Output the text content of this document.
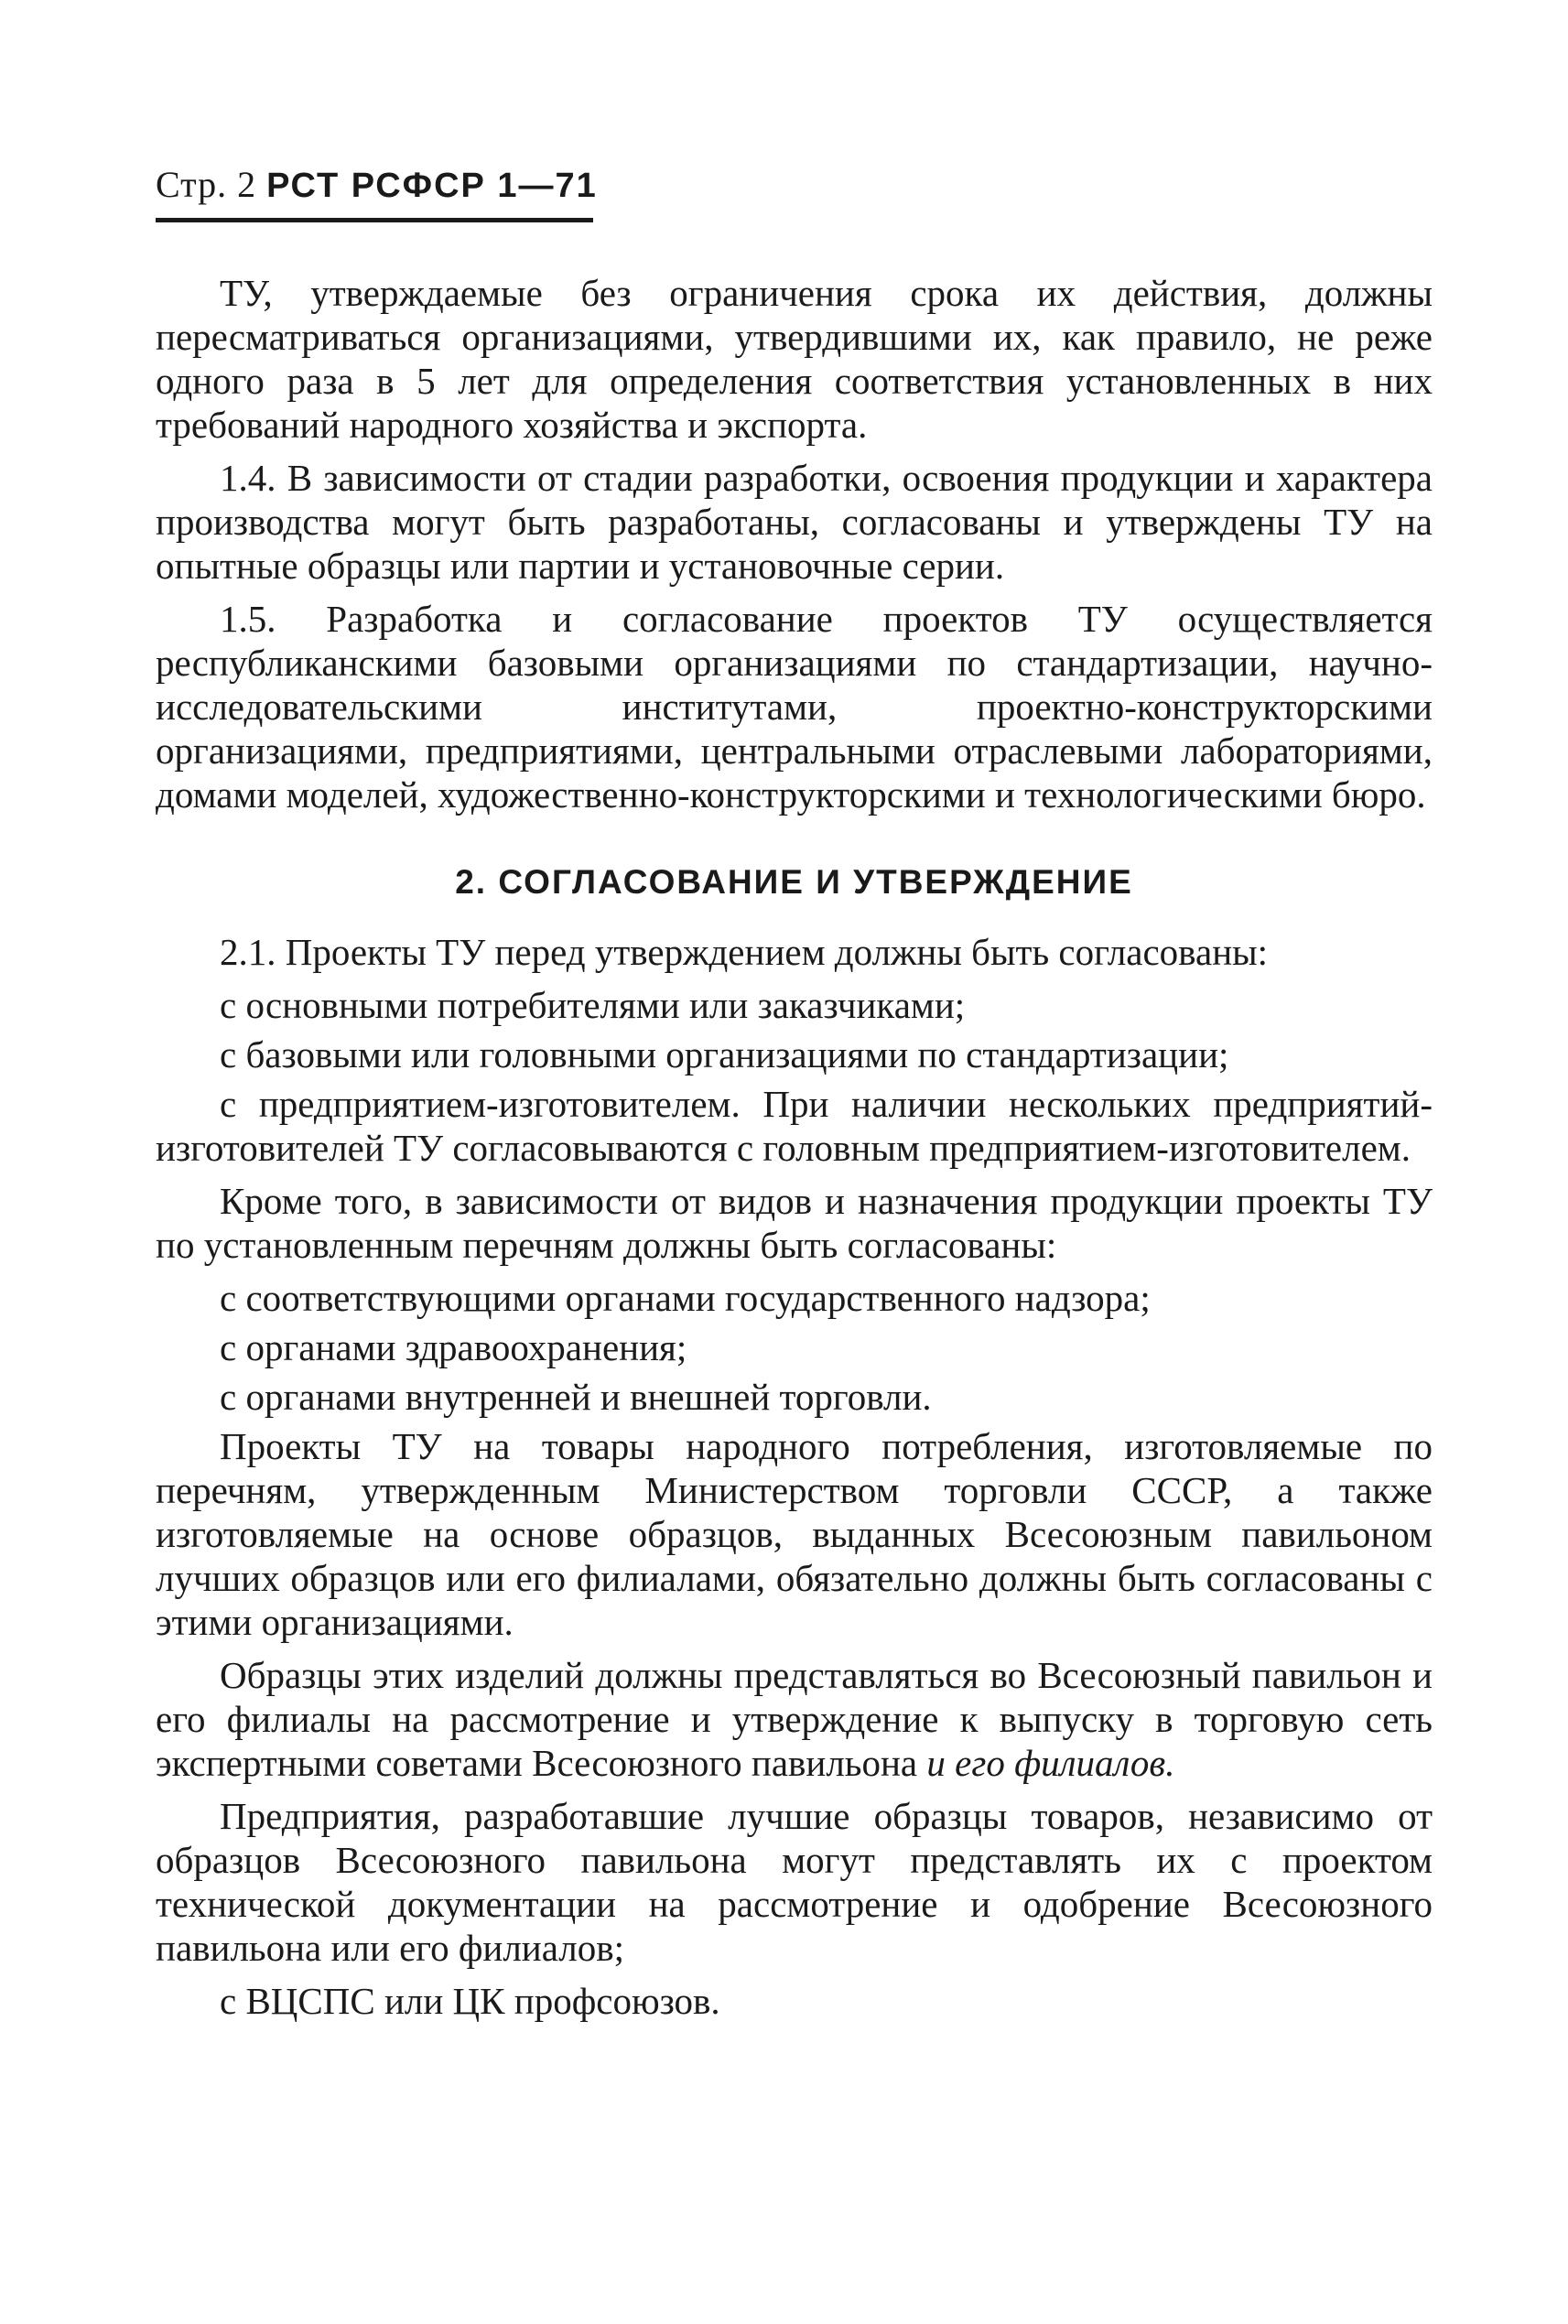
Стр. 2 РСТ РСФСР 1—71

ТУ, утверждаемые без ограничения срока их действия, должны пересматриваться организациями, утвердившими их, как правило, не реже одного раза в 5 лет для определения соответствия установленных в них требований народного хозяйства и экспорта.

1.4. В зависимости от стадии разработки, освоения продукции и характера производства могут быть разработаны, согласованы и утверждены ТУ на опытные образцы или партии и установочные серии.

1.5. Разработка и согласование проектов ТУ осуществляется республиканскими базовыми организациями по стандартизации, научно-исследовательскими институтами, проектно-конструкторскими организациями, предприятиями, центральными отраслевыми лабораториями, домами моделей, художественно-конструкторскими и технологическими бюро.

2. СОГЛАСОВАНИЕ И УТВЕРЖДЕНИЕ

2.1. Проекты ТУ перед утверждением должны быть согласованы:

с основными потребителями или заказчиками;

с базовыми или головными организациями по стандартизации;

с предприятием-изготовителем. При наличии нескольких предприятий-изготовителей ТУ согласовываются с головным предприятием-изготовителем.

Кроме того, в зависимости от видов и назначения продукции проекты ТУ по установленным перечням должны быть согласованы:

с соответствующими органами государственного надзора;

с органами здравоохранения;

с органами внутренней и внешней торговли.

Проекты ТУ на товары народного потребления, изготовляемые по перечням, утвержденным Министерством торговли СССР, а также изготовляемые на основе образцов, выданных Всесоюзным павильоном лучших образцов или его филиалами, обязательно должны быть согласованы с этими организациями.

Образцы этих изделий должны представляться во Всесоюзный павильон и его филиалы на рассмотрение и утверждение к выпуску в торговую сеть экспертными советами Всесоюзного павильона и его филиалов.

Предприятия, разработавшие лучшие образцы товаров, независимо от образцов Всесоюзного павильона могут представлять их с проектом технической документации на рассмотрение и одобрение Всесоюзного павильона или его филиалов;

с ВЦСПС или ЦК профсоюзов.
